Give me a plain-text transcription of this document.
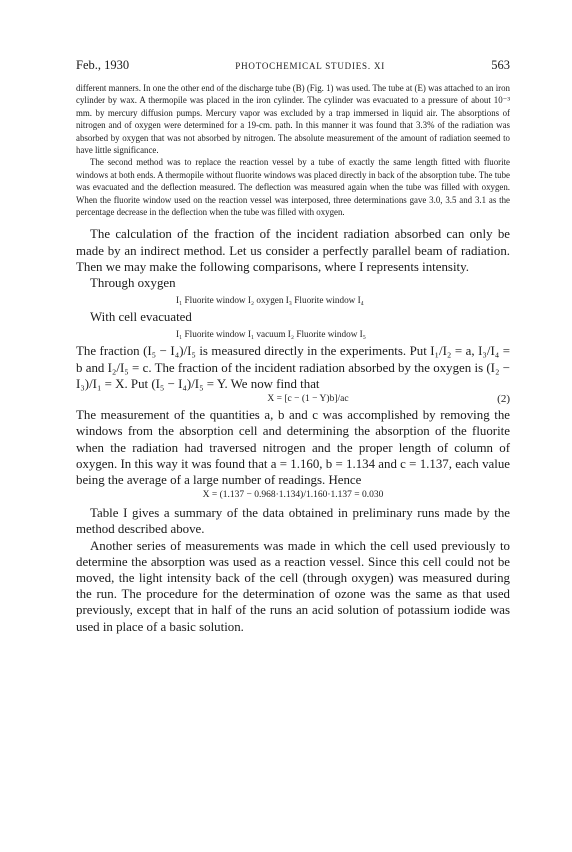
Feb., 1930	PHOTOCHEMICAL STUDIES. XI	563

different manners. In one the other end of the discharge tube (B) (Fig. 1) was used. The tube at (E) was attached to an iron cylinder by wax. A thermopile was placed in the iron cylinder. The cylinder was evacuated to a pressure of about 10⁻³ mm. by mercury diffusion pumps. Mercury vapor was excluded by a trap immersed in liquid air. The absorptions of nitrogen and of oxygen were determined for a 19-cm. path. In this manner it was found that 3.3% of the radiation was absorbed by oxygen that was not absorbed by nitrogen. The absolute measurement of the amount of radiation seemed to have little significance.

The second method was to replace the reaction vessel by a tube of exactly the same length fitted with fluorite windows at both ends. A thermopile without fluorite windows was placed directly in back of the absorption tube. The tube was evacuated and the deflection measured. The deflection was measured again when the tube was filled with oxygen. When the fluorite window used on the reaction vessel was interposed, three determinations gave 3.0, 3.5 and 3.1 as the percentage decrease in the deflection when the tube was filled with oxygen.

The calculation of the fraction of the incident radiation absorbed can only be made by an indirect method. Let us consider a perfectly parallel beam of radiation. Then we may make the following comparisons, where I represents intensity.

Through oxygen

I₁ Fluorite window I₂ oxygen I₃ Fluorite window I₄

With cell evacuated

I₁ Fluorite window I₁ vacuum I₂ Fluorite window I₅

The fraction (I₅ − I₄)/I₅ is measured directly in the experiments. Put I₁/I₂ = a, I₃/I₄ = b and I₂/I₅ = c. The fraction of the incident radiation absorbed by the oxygen is (I₂ − I₃)/I₁ = X. Put (I₅ − I₄)/I₅ = Y. We now find that

X = [c − (1 − Y)b]/ac	(2)

The measurement of the quantities a, b and c was accomplished by removing the windows from the absorption cell and determining the absorption of the fluorite when the radiation had traversed nitrogen and the proper length of column of oxygen. In this way it was found that a = 1.160, b = 1.134 and c = 1.137, each value being the average of a large number of readings. Hence

X = (1.137 − 0.968·1.134)/1.160·1.137 = 0.030

Table I gives a summary of the data obtained in preliminary runs made by the method described above.

Another series of measurements was made in which the cell used previously to determine the absorption was used as a reaction vessel. Since this cell could not be moved, the light intensity back of the cell (through oxygen) was measured during the run. The procedure for the determination of ozone was the same as that used previously, except that in half of the runs an acid solution of potassium iodide was used in place of a basic solution.
